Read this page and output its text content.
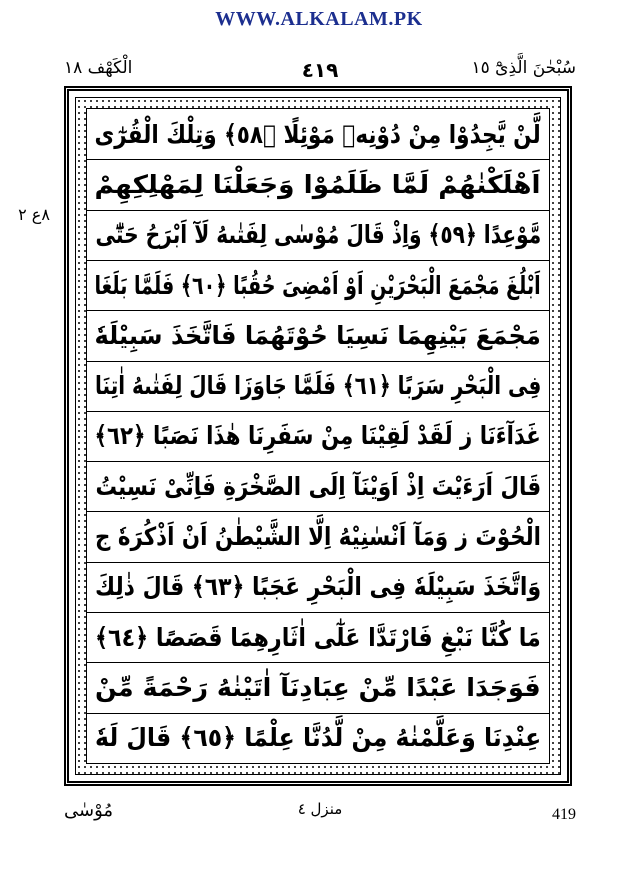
WWW.ALKALAM.PK
الْكَهْف ١٨	٤١٩	سُبْحٰنَ الَّذِیْٓ ١٥
٨ع ٢
لَّنْ يَّجِدُوْا مِنْ دُوْنِهٖ مَوْئِلًا ﴿٥٨﴾ وَتِلْكَ الْقُرٰٓى
اَهْلَكْنٰهُمْ لَمَّا ظَلَمُوْا وَجَعَلْنَا لِمَهْلِكِهِمْ
مَّوْعِدًا ﴿٥٩﴾ وَاِذْ قَالَ مُوْسٰى لِفَتٰىهُ لَآ اَبْرَحُ حَتّٰٓى
اَبْلُغَ مَجْمَعَ الْبَحْرَيْنِ اَوْ اَمْضِىَ حُقُبًا ﴿٦٠﴾ فَلَمَّا بَلَغَا
مَجْمَعَ بَيْنِهِمَا نَسِيَا حُوْتَهُمَا فَاتَّخَذَ سَبِيْلَهٗ
فِى الْبَحْرِ سَرَبًا ﴿٦١﴾ فَلَمَّا جَاوَزَا قَالَ لِفَتٰىهُ اٰتِنَا
غَدَآءَنَا ز لَقَدْ لَقِيْنَا مِنْ سَفَرِنَا هٰذَا نَصَبًا ﴿٦٢﴾
قَالَ اَرَءَيْتَ اِذْ اَوَيْنَآ اِلَى الصَّخْرَةِ فَاِنِّىْ نَسِيْتُ
الْحُوْتَ ز وَمَآ اَنْسٰنِيْهُ اِلَّا الشَّيْطٰنُ اَنْ اَذْكُرَهٗ ج
وَاتَّخَذَ سَبِيْلَهٗ فِى الْبَحْرِ عَجَبًا ﴿٦٣﴾ قَالَ ذٰلِكَ
مَا كُنَّا نَبْغِ فَارْتَدَّا عَلٰٓى اٰثَارِهِمَا قَصَصًا ﴿٦٤﴾
فَوَجَدَا عَبْدًا مِّنْ عِبَادِنَآ اٰتَيْنٰهُ رَحْمَةً مِّنْ
عِنْدِنَا وَعَلَّمْنٰهُ مِنْ لَّدُنَّا عِلْمًا ﴿٦٥﴾ قَالَ لَهٗ
مُوْسٰى	منزل ٤	419
